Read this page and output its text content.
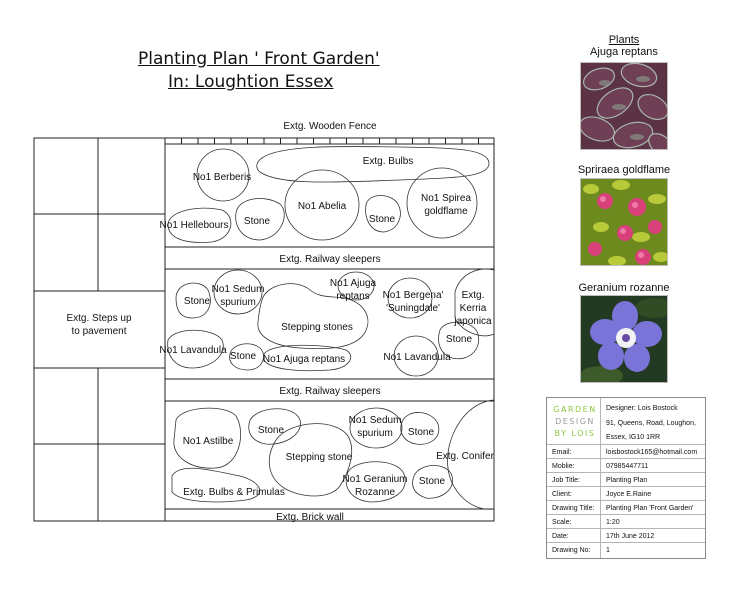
Planting Plan ' Front Garden'
In: Loughtion Essex
Extg. Wooden Fence
Extg. Steps up
to pavement
Extg. Railway sleepers
Extg. Railway sleepers
Extg. Brick wall
Extg. Bulbs
No1 Berberis
No1 Abelia
No1 Spirea
goldflame
No1 Hellebours Stone	Stone
Stone
No1 Sedum
spurium
No1 Ajuga
reptans No1 Bergena'
'Suningdale'
Extg.
Kerria
japonica
Stepping stones
No1 Lavandula
Stone No1 Ajuga reptans	No1 Lavandula
Stone
No1 Astilbe
Stone
No1 Sedum
spurium Stone
Stepping stone	Extg. Conifer
No1 Geranium
Rozanne
Stone
Extg. Bulbs & Primulas
Plants
Ajuga reptans
Spriraea goldflame
Geranium rozanne
GARDEN
DESIGN
BY LOIS
Designer: Lois Bostock
91, Queens, Road, Loughon,
Essex, IG10 1RR
Email:	loisbostock165@hotmail.com
Moblie:	07985447711
Job Title:	Planting Plan
Client:	Joyce E.Raine
Drawing Title: Planting Plan 'Front Garden'
Scale:	1:20
Date:	17th June 2012
Drawing No: 1
